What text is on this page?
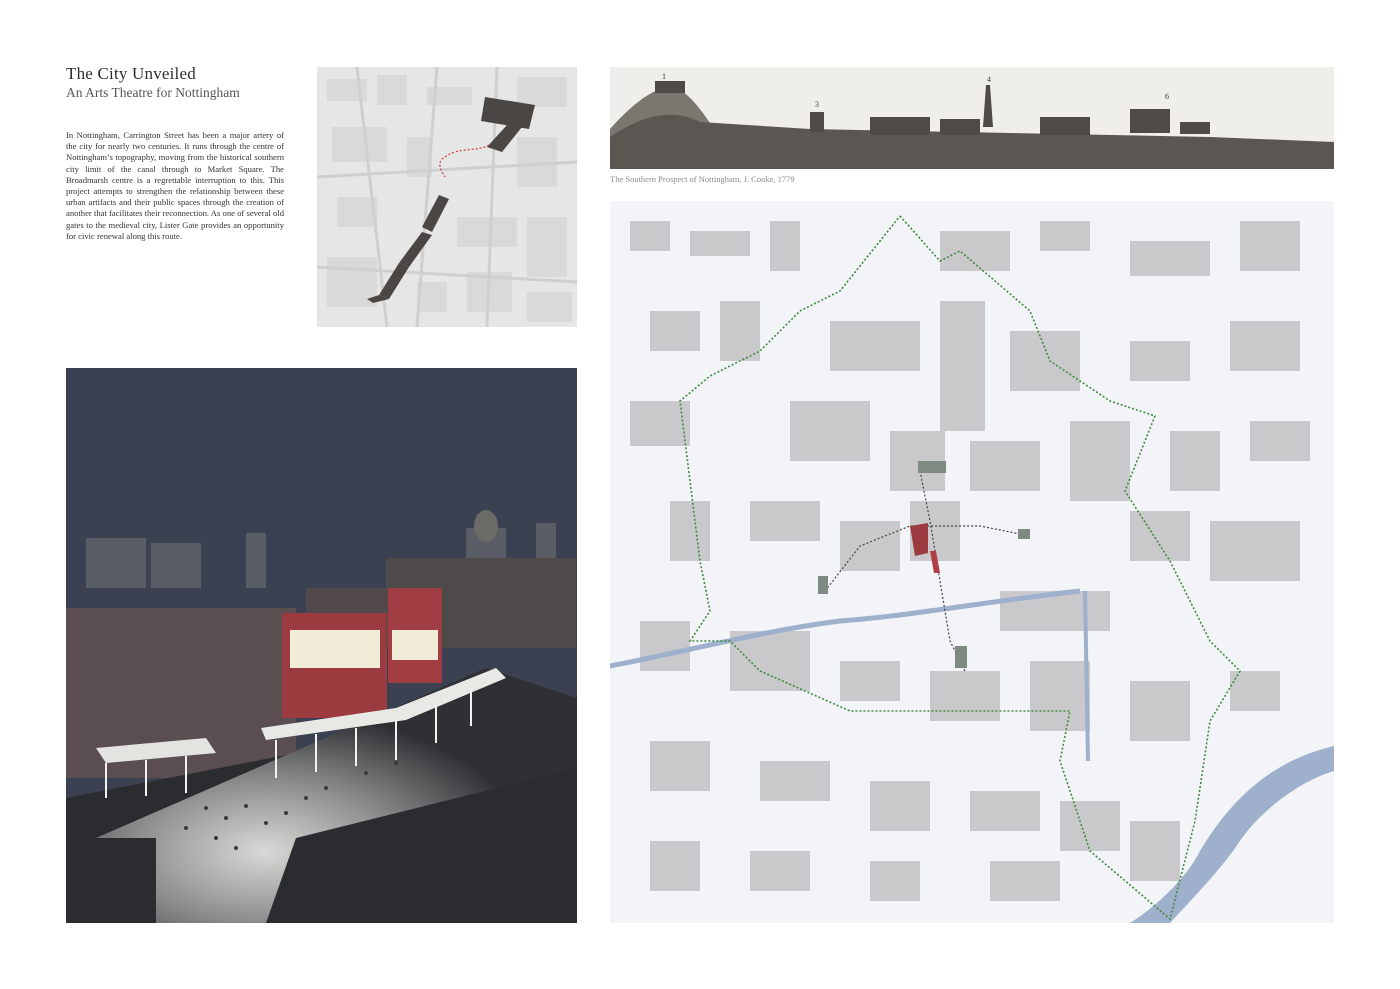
The City Unveiled
An Arts Theatre for Nottingham
In Nottingham, Carrington Street has been a major artery of the city for nearly two centuries. It runs through the centre of Nottingham’s topography, moving from the historical southern city limit of the canal through to Market Square. The Broadmarsh centre is a regrettable interruption to this. This project attempts to strengthen the relationship between these urban artifacts and their public spaces through the creation of another that facilitates their reconnection. As one of several old gates to the medieval city, Lister Gate provides an opportunity for civic renewal along this route.
1
3
4
6
The Southern Prospect of Nottingham, J. Cooke, 1779
